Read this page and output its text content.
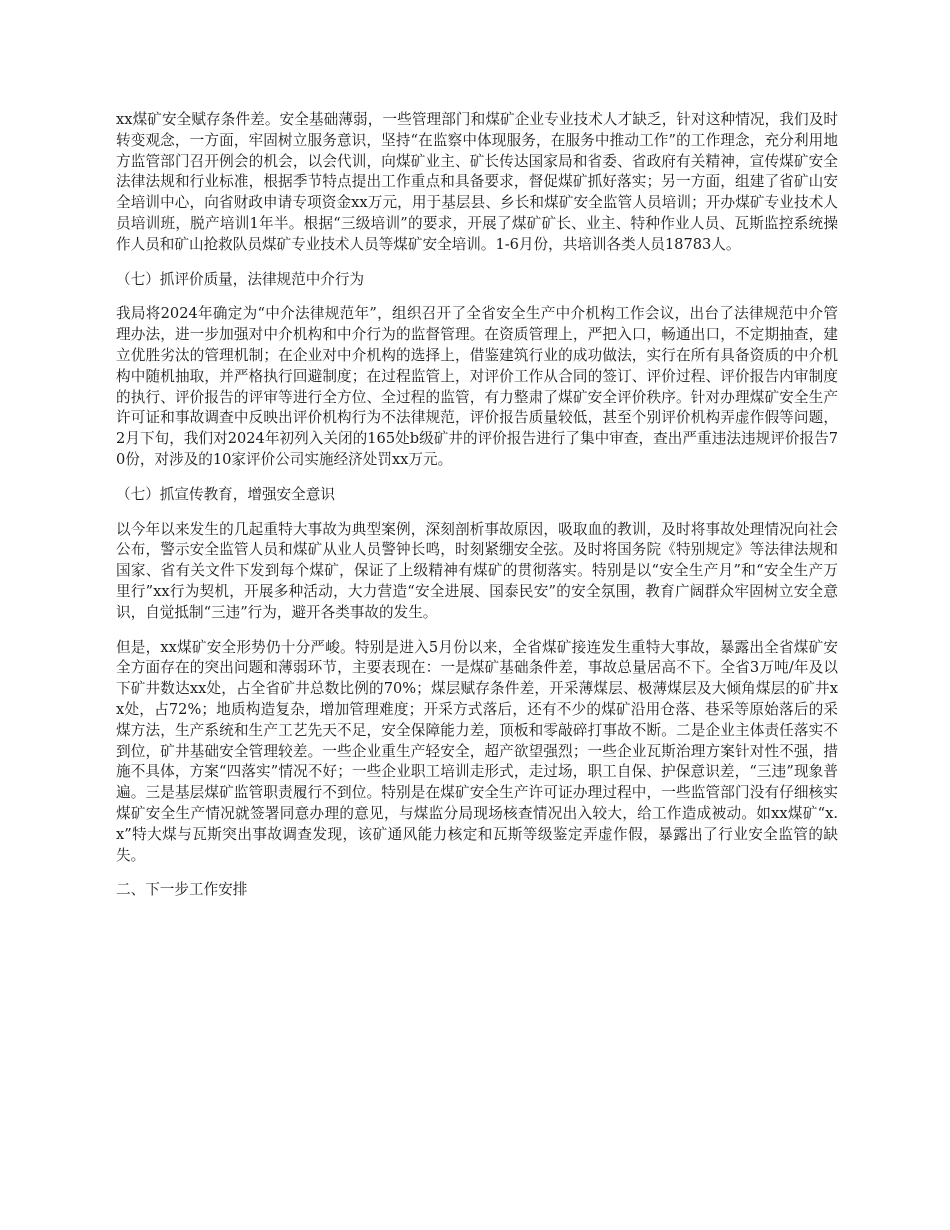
xx煤矿安全赋存条件差。安全基础薄弱，一些管理部门和煤矿企业专业技术人才缺乏，针对这种情况，我们及时转变观念，一方面，牢固树立服务意识，坚持“在监察中体现服务，在服务中推动工作”的工作理念，充分利用地方监管部门召开例会的机会，以会代训，向煤矿业主、矿长传达国家局和省委、省政府有关精神，宣传煤矿安全法律法规和行业标准，根据季节特点提出工作重点和具备要求，督促煤矿抓好落实；另一方面，组建了省矿山安全培训中心，向省财政申请专项资金xx万元，用于基层县、乡长和煤矿安全监管人员培训；开办煤矿专业技术人员培训班，脱产培训1年半。根据“三级培训”的要求，开展了煤矿矿长、业主、特种作业人员、瓦斯监控系统操作人员和矿山抢救队员煤矿专业技术人员等煤矿安全培训。1-6月份，共培训各类人员18783人。

（七）抓评价质量，法律规范中介行为

我局将2024年确定为“中介法律规范年”，组织召开了全省安全生产中介机构工作会议，出台了法律规范中介管理办法，进一步加强对中介机构和中介行为的监督管理。在资质管理上，严把入口，畅通出口，不定期抽查，建立优胜劣汰的管理机制；在企业对中介机构的选择上，借鉴建筑行业的成功做法，实行在所有具备资质的中介机构中随机抽取，并严格执行回避制度；在过程监管上，对评价工作从合同的签订、评价过程、评价报告内审制度的执行、评价报告的评审等进行全方位、全过程的监管，有力整肃了煤矿安全评价秩序。针对办理煤矿安全生产许可证和事故调查中反映出评价机构行为不法律规范，评价报告质量较低，甚至个别评价机构弄虚作假等问题，2月下旬，我们对2024年初列入关闭的165处b级矿井的评价报告进行了集中审查，查出严重违法违规评价报告70份，对涉及的10家评价公司实施经济处罚xx万元。

（七）抓宣传教育，增强安全意识

以今年以来发生的几起重特大事故为典型案例，深刻剖析事故原因，吸取血的教训，及时将事故处理情况向社会公布，警示安全监管人员和煤矿从业人员警钟长鸣，时刻紧绷安全弦。及时将国务院《特别规定》等法律法规和国家、省有关文件下发到每个煤矿，保证了上级精神有煤矿的贯彻落实。特别是以“安全生产月”和“安全生产万里行”xx行为契机，开展多种活动，大力营造“安全进展、国泰民安”的安全氛围，教育广阔群众牢固树立安全意识，自觉抵制“三违”行为，避开各类事故的发生。

但是，xx煤矿安全形势仍十分严峻。特别是进入5月份以来，全省煤矿接连发生重特大事故，暴露出全省煤矿安全方面存在的突出问题和薄弱环节，主要表现在：一是煤矿基础条件差，事故总量居高不下。全省3万吨/年及以下矿井数达xx处，占全省矿井总数比例的70%；煤层赋存条件差，开采薄煤层、极薄煤层及大倾角煤层的矿井xx处，占72%；地质构造复杂，增加管理难度；开采方式落后，还有不少的煤矿沿用仓落、巷采等原始落后的采煤方法，生产系统和生产工艺先天不足，安全保障能力差，顶板和零敲碎打事故不断。二是企业主体责任落实不到位，矿井基础安全管理较差。一些企业重生产轻安全，超产欲望强烈；一些企业瓦斯治理方案针对性不强，措施不具体，方案“四落实”情况不好；一些企业职工培训走形式，走过场，职工自保、护保意识差，“三违”现象普遍。三是基层煤矿监管职责履行不到位。特别是在煤矿安全生产许可证办理过程中，一些监管部门没有仔细核实煤矿安全生产情况就签署同意办理的意见，与煤监分局现场核查情况出入较大，给工作造成被动。如xx煤矿“x.x”特大煤与瓦斯突出事故调查发现，该矿通风能力核定和瓦斯等级鉴定弄虚作假，暴露出了行业安全监管的缺失。

二、下一步工作安排
